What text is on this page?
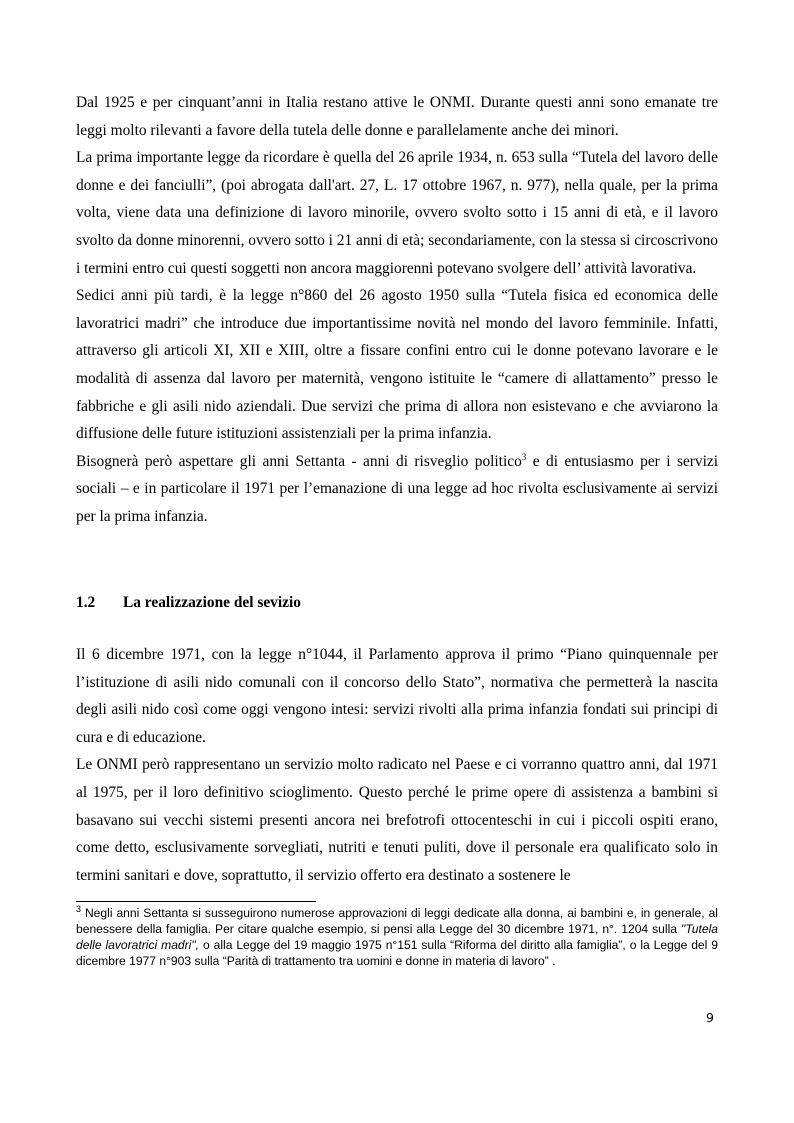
Dal 1925 e per cinquant’anni in Italia restano attive le ONMI. Durante questi anni sono emanate tre leggi molto rilevanti a favore della tutela delle donne e parallelamente anche dei minori.

La prima importante legge da ricordare è quella del 26 aprile 1934, n. 653 sulla “Tutela del lavoro delle donne e dei fanciulli”, (poi abrogata dall'art. 27, L. 17 ottobre 1967, n. 977), nella quale, per la prima volta, viene data una definizione di lavoro minorile, ovvero svolto sotto i 15 anni di età, e il lavoro svolto da donne minorenni, ovvero sotto i 21 anni di età; secondariamente, con la stessa si circoscrivono i termini entro cui questi soggetti non ancora maggiorenni potevano svolgere dell’ attività lavorativa.

Sedici anni più tardi, è la legge n°860 del 26 agosto 1950 sulla “Tutela fisica ed economica delle lavoratrici madri” che introduce due importantissime novità nel mondo del lavoro femminile. Infatti, attraverso gli articoli XI, XII e XIII, oltre a fissare confini entro cui le donne potevano lavorare e le modalità di assenza dal lavoro per maternità, vengono istituite le “camere di allattamento” presso le fabbriche e gli asili nido aziendali. Due servizi che prima di allora non esistevano e che avviarono la diffusione delle future istituzioni assistenziali per la prima infanzia.

Bisognerà però aspettare gli anni Settanta - anni di risveglio politico$^3$ e di entusiasmo per i servizi sociali – e in particolare il 1971 per l’emanazione di una legge ad hoc rivolta esclusivamente ai servizi per la prima infanzia.

1.2 La realizzazione del sevizio

Il 6 dicembre 1971, con la legge n°1044, il Parlamento approva il primo “Piano quinquennale per l’istituzione di asili nido comunali con il concorso dello Stato”, normativa che permetterà la nascita degli asili nido così come oggi vengono intesi: servizi rivolti alla prima infanzia fondati sui principi di cura e di educazione.

Le ONMI però rappresentano un servizio molto radicato nel Paese e ci vorranno quattro anni, dal 1971 al 1975, per il loro definitivo scioglimento. Questo perché le prime opere di assistenza a bambini si basavano sui vecchi sistemi presenti ancora nei brefotrofi ottocenteschi in cui i piccoli ospiti erano, come detto, esclusivamente sorvegliati, nutriti e tenuti puliti, dove il personale era qualificato solo in termini sanitari e dove, soprattutto, il servizio offerto era destinato a sostenere le

$^3$ Negli anni Settanta si susseguirono numerose approvazioni di leggi dedicate alla donna, ai bambini e, in generale, al benessere della famiglia. Per citare qualche esempio, si pensi alla Legge del 30 dicembre 1971, n°. 1204 sulla "Tutela delle lavoratrici madri", o alla Legge del 19 maggio 1975 n°151 sulla “Riforma del diritto alla famiglia”, o la Legge del 9 dicembre 1977 n°903 sulla “Parità di trattamento tra uomini e donne in materia di lavoro” .
9
